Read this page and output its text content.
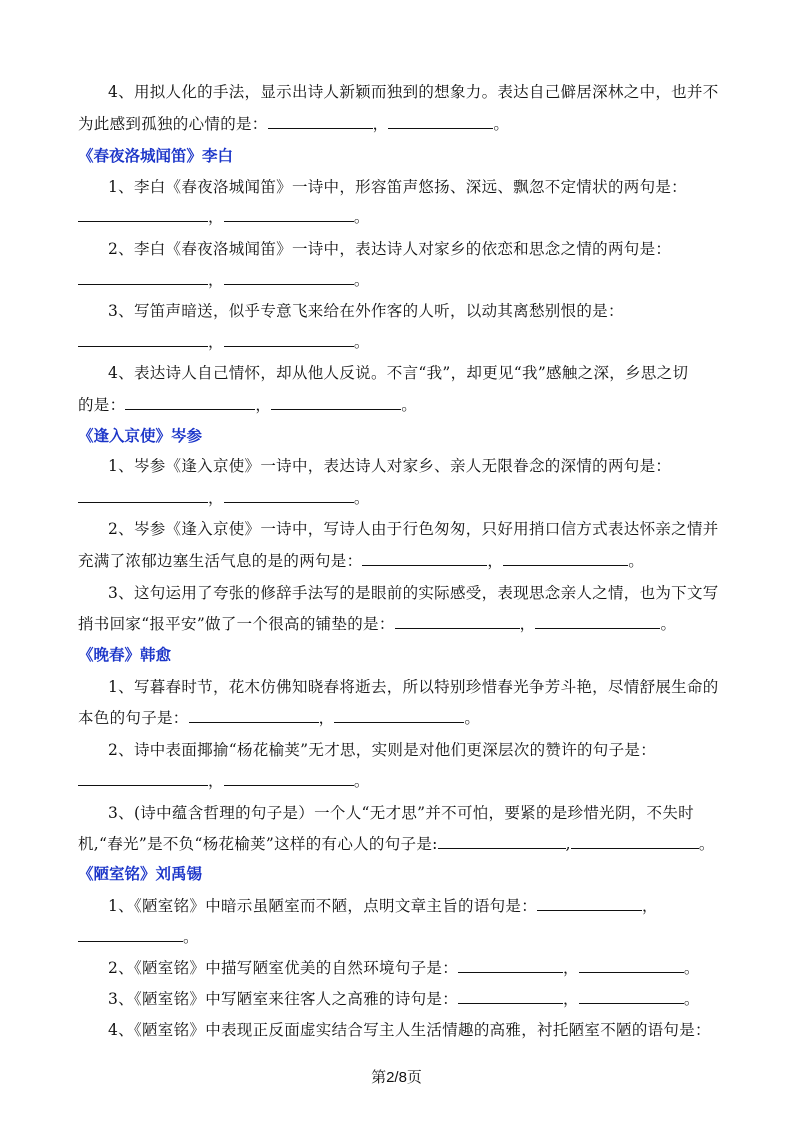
4、用拟人化的手法，显示出诗人新颖而独到的想象力。表达自己僻居深林之中，也并不
为此感到孤独的心情的是：	，	。
《春夜洛城闻笛》李白
1、李白《春夜洛城闻笛》一诗中，形容笛声悠扬、深远、飘忽不定情状的两句是：
，	。
2、李白《春夜洛城闻笛》一诗中，表达诗人对家乡的依恋和思念之情的两句是：
，	。
3、写笛声暗送，似乎专意飞来给在外作客的人听，以动其离愁别恨的是：
，	。
4、表达诗人自己情怀，却从他人反说。不言“我”，却更见“我”感触之深，乡思之切
的是：	，	。
《逢入京使》岑参
1、岑参《逢入京使》一诗中，表达诗人对家乡、亲人无限眷念的深情的两句是：
，	。
2、岑参《逢入京使》一诗中，写诗人由于行色匆匆，只好用捎口信方式表达怀亲之情并
充满了浓郁边塞生活气息的是的两句是：	，	。
3、这句运用了夸张的修辞手法写的是眼前的实际感受，表现思念亲人之情，也为下文写
捎书回家“报平安”做了一个很高的铺垫的是：	，	。
《晚春》韩愈
1、写暮春时节，花木仿佛知晓春将逝去，所以特别珍惜春光争芳斗艳，尽情舒展生命的
本色的句子是：	，	。
2、诗中表面揶揄“杨花榆荚”无才思，实则是对他们更深层次的赞许的句子是：
，	。
3、(诗中蕴含哲理的句子是）一个人“无才思”并不可怕，要紧的是珍惜光阴，不失时
机,“春光”是不负“杨花榆荚”这样的有心人的句子是:	,	。
《陋室铭》刘禹锡
1、《陋室铭》中暗示虽陋室而不陋，点明文章主旨的语句是：	，
。
2、《陋室铭》中描写陋室优美的自然环境句子是：	，	。
3、《陋室铭》中写陋室来往客人之高雅的诗句是：	，	。
4、《陋室铭》中表现正反面虚实结合写主人生活情趣的高雅，衬托陋室不陋的语句是：
第2/8页
